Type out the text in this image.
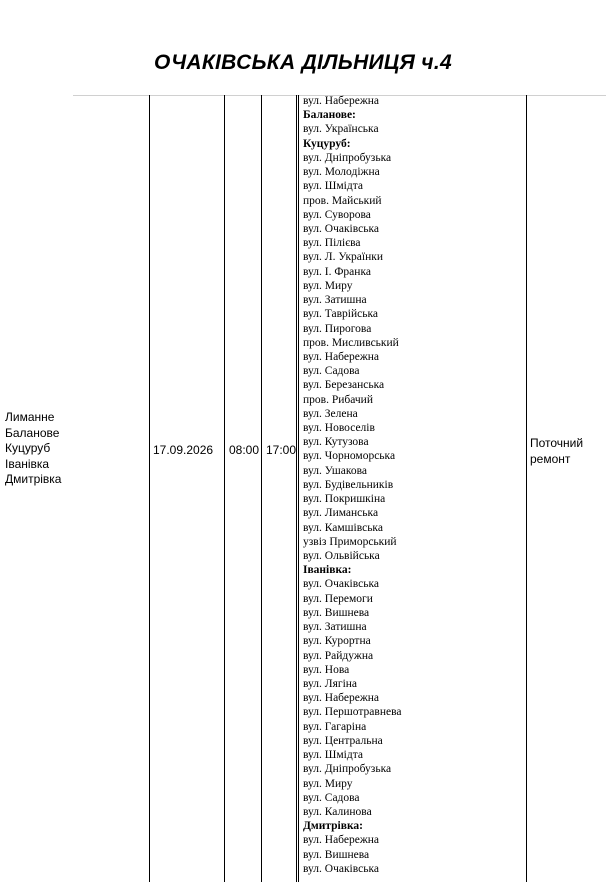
ОЧАКІВСЬКА ДІЛЬНИЦЯ ч.4
Лиманне
Баланове
Куцуруб
Іванівка
Дмитрівка
17.09.2026 08:00 17:00	Поточний
ремонт
вул. Набережна
Баланове:
вул. Українська
Куцуруб:
вул. Дніпробузька
вул. Молодіжна
вул. Шмідта
пров. Майський
вул. Суворова
вул. Очаківська
вул. Пілієва
вул. Л. Українки
вул. І. Франка
вул. Миру
вул. Затишна
вул. Таврійська
вул. Пирогова
пров. Мисливський
вул. Набережна
вул. Садова
вул. Березанська
пров. Рибачий
вул. Зелена
вул. Новоселів
вул. Кутузова
вул. Чорноморська
вул. Ушакова
вул. Будівельників
вул. Покришкіна
вул. Лиманська
вул. Камшівська
узвіз Приморський
вул. Ольвійська
Іванівка:
вул. Очаківська
вул. Перемоги
вул. Вишнева
вул. Затишна
вул. Курортна
вул. Райдужна
вул. Нова
вул. Лягіна
вул. Набережна
вул. Першотравнева
вул. Гагаріна
вул. Центральна
вул. Шмідта
вул. Дніпробузька
вул. Миру
вул. Садова
вул. Калинова
Дмитрівка:
вул. Набережна
вул. Вишнева
вул. Очаківська
